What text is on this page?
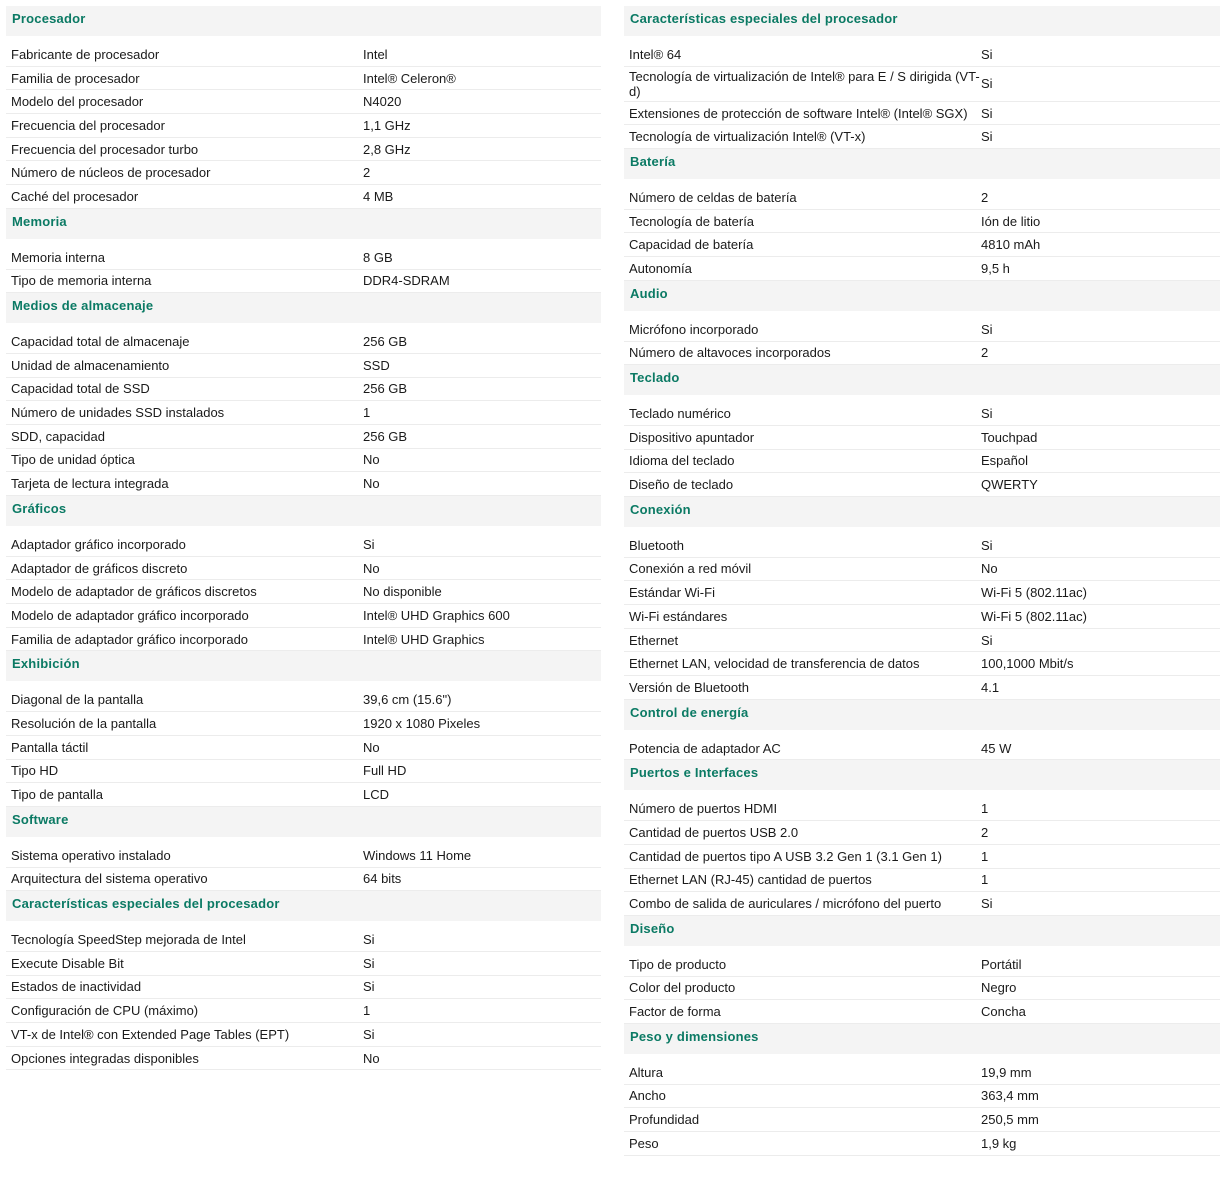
Procesador
Fabricante de procesador	Intel
Familia de procesador	Intel® Celeron®
Modelo del procesador	N4020
Frecuencia del procesador	1,1 GHz
Frecuencia del procesador turbo	2,8 GHz
Número de núcleos de procesador	2
Caché del procesador	4 MB
Memoria
Memoria interna	8 GB
Tipo de memoria interna	DDR4-SDRAM
Medios de almacenaje
Capacidad total de almacenaje	256 GB
Unidad de almacenamiento	SSD
Capacidad total de SSD	256 GB
Número de unidades SSD instalados	1
SDD, capacidad	256 GB
Tipo de unidad óptica	No
Tarjeta de lectura integrada	No
Gráficos
Adaptador gráfico incorporado	Si
Adaptador de gráficos discreto	No
Modelo de adaptador de gráficos discretos	No disponible
Modelo de adaptador gráfico incorporado	Intel® UHD Graphics 600
Familia de adaptador gráfico incorporado	Intel® UHD Graphics
Exhibición
Diagonal de la pantalla	39,6 cm (15.6")
Resolución de la pantalla	1920 x 1080 Pixeles
Pantalla táctil	No
Tipo HD	Full HD
Tipo de pantalla	LCD
Software
Sistema operativo instalado	Windows 11 Home
Arquitectura del sistema operativo	64 bits
Características especiales del procesador
Tecnología SpeedStep mejorada de Intel	Si
Execute Disable Bit	Si
Estados de inactividad	Si
Configuración de CPU (máximo)	1
VT-x de Intel® con Extended Page Tables (EPT)	Si
Opciones integradas disponibles	No
Características especiales del procesador
Intel® 64	Si
Tecnología de virtualización de Intel® para E / S dirigida (VT-d)	Si
Extensiones de protección de software Intel® (Intel® SGX)	Si
Tecnología de virtualización Intel® (VT-x)	Si
Batería
Número de celdas de batería	2
Tecnología de batería	Ión de litio
Capacidad de batería	4810 mAh
Autonomía	9,5 h
Audio
Micrófono incorporado	Si
Número de altavoces incorporados	2
Teclado
Teclado numérico	Si
Dispositivo apuntador	Touchpad
Idioma del teclado	Español
Diseño de teclado	QWERTY
Conexión
Bluetooth	Si
Conexión a red móvil	No
Estándar Wi-Fi	Wi-Fi 5 (802.11ac)
Wi-Fi estándares	Wi-Fi 5 (802.11ac)
Ethernet	Si
Ethernet LAN, velocidad de transferencia de datos	100,1000 Mbit/s
Versión de Bluetooth	4.1
Control de energía
Potencia de adaptador AC	45 W
Puertos e Interfaces
Número de puertos HDMI	1
Cantidad de puertos USB 2.0	2
Cantidad de puertos tipo A USB 3.2 Gen 1 (3.1 Gen 1)	1
Ethernet LAN (RJ-45) cantidad de puertos	1
Combo de salida de auriculares / micrófono del puerto	Si
Diseño
Tipo de producto	Portátil
Color del producto	Negro
Factor de forma	Concha
Peso y dimensiones
Altura	19,9 mm
Ancho	363,4 mm
Profundidad	250,5 mm
Peso	1,9 kg
